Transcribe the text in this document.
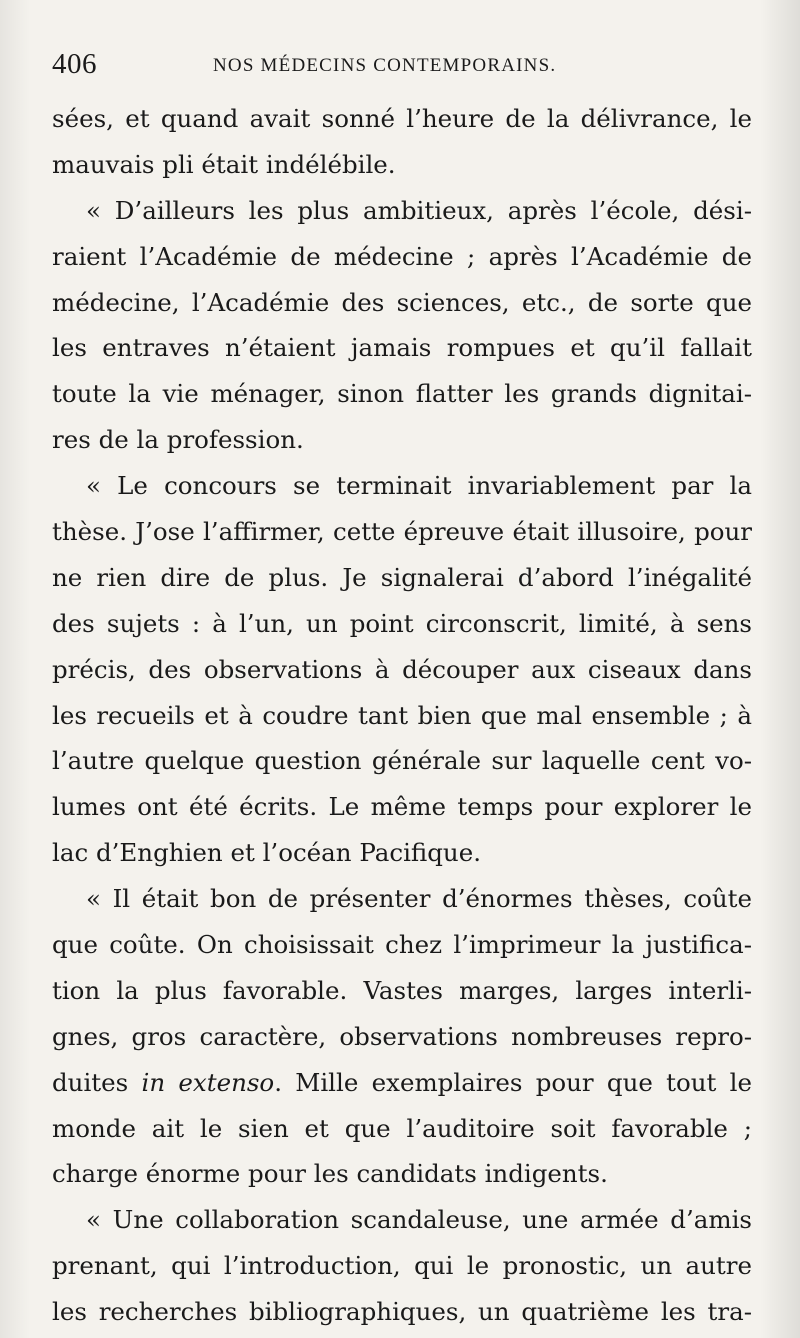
406	NOS MÉDECINS CONTEMPORAINS.
sées, et quand avait sonné l’heure de la délivrance, le
mauvais pli était indélébile.
« D’ailleurs les plus ambitieux, après l’école, dési-
raient l’Académie de médecine ; après l’Académie de
médecine, l’Académie des sciences, etc., de sorte que
les entraves n’étaient jamais rompues et qu’il fallait
toute la vie ménager, sinon flatter les grands dignitai-
res de la profession.
« Le concours se terminait invariablement par la
thèse. J’ose l’affirmer, cette épreuve était illusoire, pour
ne rien dire de plus. Je signalerai d’abord l’inégalité
des sujets : à l’un, un point circonscrit, limité, à sens
précis, des observations à découper aux ciseaux dans
les recueils et à coudre tant bien que mal ensemble ; à
l’autre quelque question générale sur laquelle cent vo-
lumes ont été écrits. Le même temps pour explorer le
lac d’Enghien et l’océan Pacifique.
« Il était bon de présenter d’énormes thèses, coûte
que coûte. On choisissait chez l’imprimeur la justifica-
tion la plus favorable. Vastes marges, larges interli-
gnes, gros caractère, observations nombreuses repro-
duites in extenso. Mille exemplaires pour que tout le
monde ait le sien et que l’auditoire soit favorable ;
charge énorme pour les candidats indigents.
« Une collaboration scandaleuse, une armée d’amis
prenant, qui l’introduction, qui le pronostic, un autre
les recherches bibliographiques, un quatrième les tra-
